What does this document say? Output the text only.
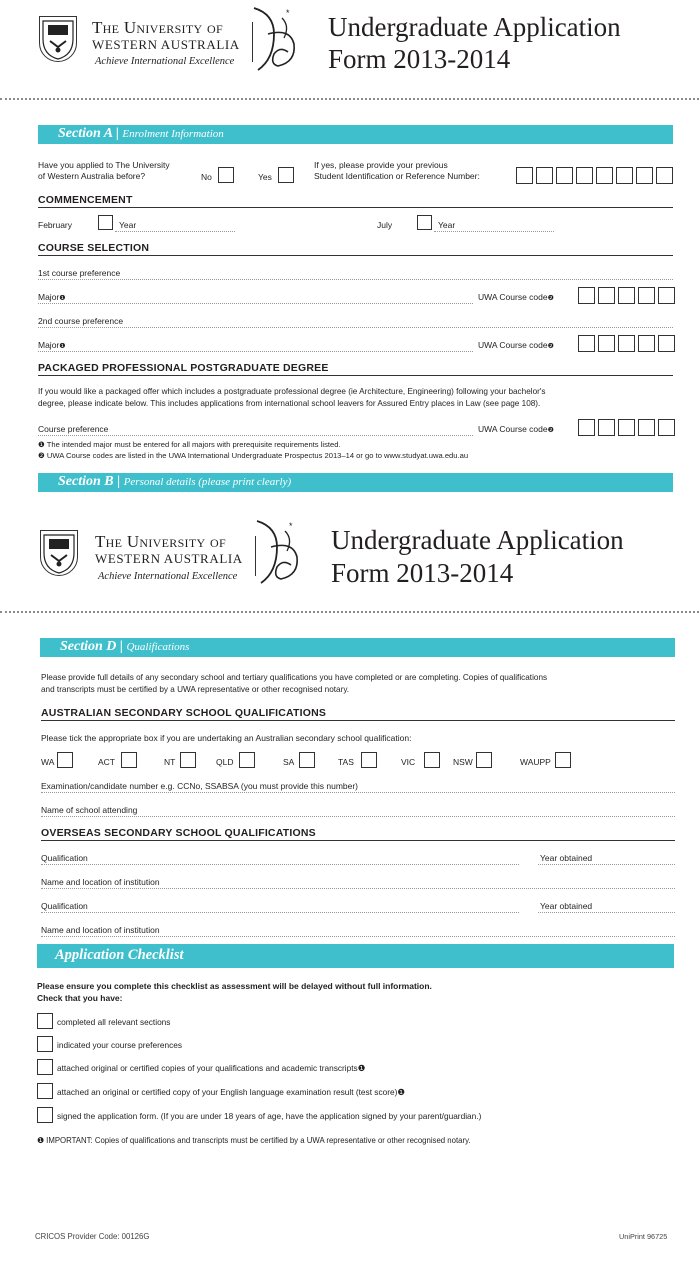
The University of
WESTERN AUSTRALIA
Achieve International Excellence
* Undergraduate Application
Form 2013-2014
Section A | Enrolment Information
Have you applied to The University
of Western Australia before?	No	Yes
If yes, please provide your previous
Student Identification or Reference Number:
COMMENCEMENT
February	Year	July	Year
COURSE SELECTION
1st course preference
Major❶	UWA Course code❷
2nd course preference
Major❶	UWA Course code❷
PACKAGED PROFESSIONAL POSTGRADUATE DEGREE
If you would like a packaged offer which includes a postgraduate professional degree (ie Architecture, Engineering) following your bachelor's
degree, please indicate below. This includes applications from international school leavers for Assured Entry places in Law (see page 108).
Course preference	UWA Course code❷
❶ The intended major must be entered for all majors with prerequisite requirements listed.
❷ UWA Course codes are listed in the UWA International Undergraduate Prospectus 2013–14 or go to www.studyat.uwa.edu.au
Section B | Personal details (please print clearly)
The University of
WESTERN AUSTRALIA
Achieve International Excellence
* Undergraduate Application
Form 2013-2014
Section D | Qualifications
Please provide full details of any secondary school and tertiary qualifications you have completed or are completing. Copies of qualifications
and transcripts must be certified by a UWA representative or other recognised notary.
AUSTRALIAN SECONDARY SCHOOL QUALIFICATIONS
Please tick the appropriate box if you are undertaking an Australian secondary school qualification:
WA	ACT	NT	QLD	SA	TAS	VIC	NSW	WAUPP
Examination/candidate number e.g. CCNo, SSABSA (you must provide this number)
Name of school attending
OVERSEAS SECONDARY SCHOOL QUALIFICATIONS
Qualification	Year obtained
Name and location of institution
Qualification	Year obtained
Name and location of institution
Application Checklist
Please ensure you complete this checklist as assessment will be delayed without full information.
Check that you have:
completed all relevant sections
indicated your course preferences
attached original or certified copies of your qualifications and academic transcripts❶
attached an original or certified copy of your English language examination result (test score)❶
signed the application form. (If you are under 18 years of age, have the application signed by your parent/guardian.)
❶ IMPORTANT: Copies of qualifications and transcripts must be certified by a UWA representative or other recognised notary.
CRICOS Provider Code: 00126G	UniPrint 96725
